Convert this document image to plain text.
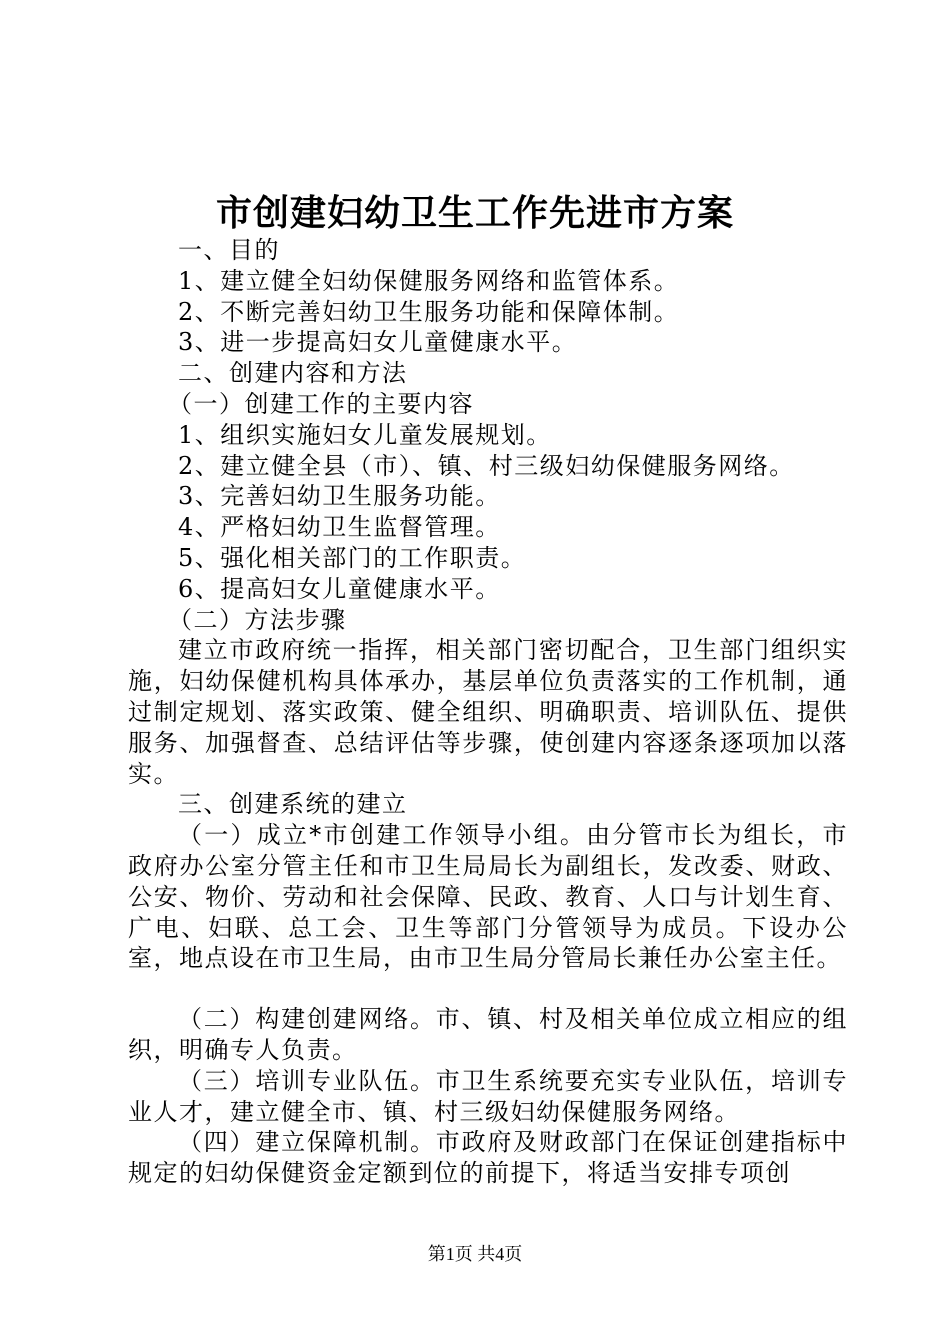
市创建妇幼卫生工作先进市方案

一、目的

1、建立健全妇幼保健服务网络和监管体系。

2、不断完善妇幼卫生服务功能和保障体制。

3、进一步提高妇女儿童健康水平。

二、创建内容和方法

（一）创建工作的主要内容

1、组织实施妇女儿童发展规划。

2、建立健全县（市）、镇、村三级妇幼保健服务网络。

3、完善妇幼卫生服务功能。

4、严格妇幼卫生监督管理。

5、强化相关部门的工作职责。

6、提高妇女儿童健康水平。

（二）方法步骤

建立市政府统一指挥，相关部门密切配合，卫生部门组织实施，妇幼保健机构具体承办，基层单位负责落实的工作机制，通过制定规划、落实政策、健全组织、明确职责、培训队伍、提供服务、加强督查、总结评估等步骤，使创建内容逐条逐项加以落实。

三、创建系统的建立

（一）成立*市创建工作领导小组。由分管市长为组长，市政府办公室分管主任和市卫生局局长为副组长，发改委、财政、公安、物价、劳动和社会保障、民政、教育、人口与计划生育、广电、妇联、总工会、卫生等部门分管领导为成员。下设办公室，地点设在市卫生局，由市卫生局分管局长兼任办公室主任。

（二）构建创建网络。市、镇、村及相关单位成立相应的组织，明确专人负责。

（三）培训专业队伍。市卫生系统要充实专业队伍，培训专业人才，建立健全市、镇、村三级妇幼保健服务网络。

（四）建立保障机制。市政府及财政部门在保证创建指标中规定的妇幼保健资金定额到位的前提下，将适当安排专项创

第1页 共4页
